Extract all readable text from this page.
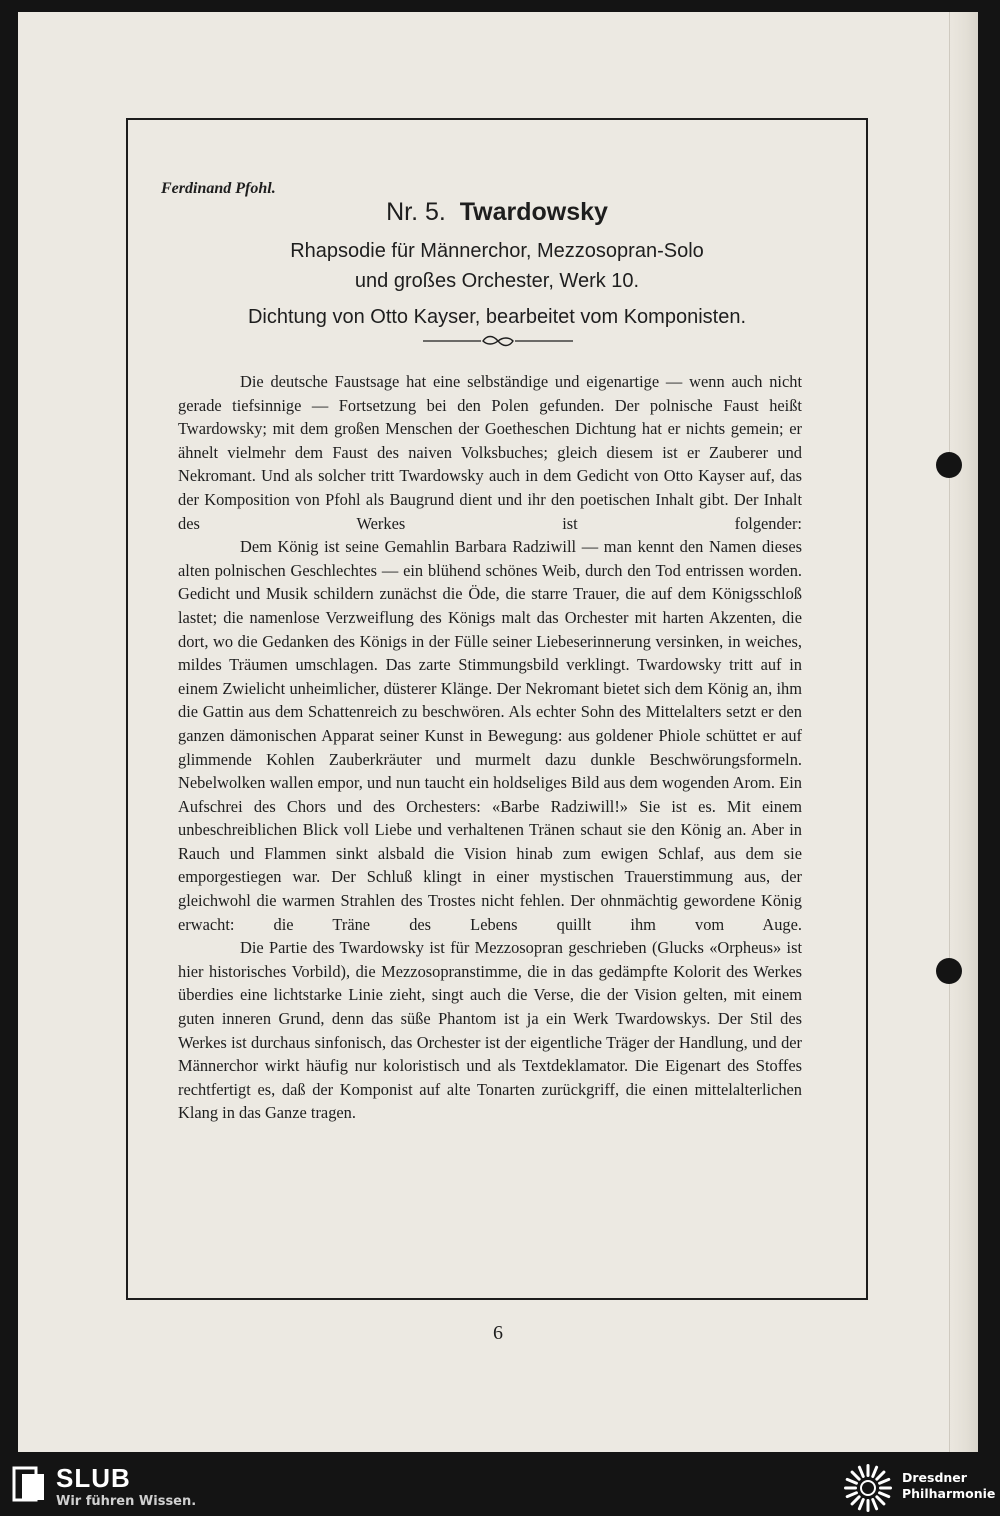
Ferdinand Pfohl.

Nr. 5. Twardowsky

Rhapsodie für Männerchor, Mezzosopran-Solo

und großes Orchester, Werk 10.

Dichtung von Otto Kayser, bearbeitet vom Komponisten.

Die deutsche Faustsage hat eine selbständige und eigenartige — wenn auch nicht gerade tiefsinnige — Fortsetzung bei den Polen gefunden. Der polnische Faust heißt Twardowsky; mit dem großen Menschen der Goetheschen Dichtung hat er nichts gemein; er ähnelt vielmehr dem Faust des naiven Volksbuches; gleich diesem ist er Zauberer und Nekromant. Und als solcher tritt Twardowsky auch in dem Gedicht von Otto Kayser auf, das der Komposition von Pfohl als Baugrund dient und ihr den poetischen Inhalt gibt. Der Inhalt des Werkes ist folgender:

Dem König ist seine Gemahlin Barbara Radziwill — man kennt den Namen dieses alten polnischen Geschlechtes — ein blühend schönes Weib, durch den Tod entrissen worden. Gedicht und Musik schildern zunächst die Öde, die starre Trauer, die auf dem Königsschloß lastet; die namenlose Verzweiflung des Königs malt das Orchester mit harten Akzenten, die dort, wo die Gedanken des Königs in der Fülle seiner Liebeserinnerung versinken, in weiches, mildes Träumen umschlagen. Das zarte Stimmungsbild verklingt. Twardowsky tritt auf in einem Zwielicht unheimlicher, düsterer Klänge. Der Nekromant bietet sich dem König an, ihm die Gattin aus dem Schattenreich zu beschwören. Als echter Sohn des Mittelalters setzt er den ganzen dämonischen Apparat seiner Kunst in Bewegung: aus goldener Phiole schüttet er auf glimmende Kohlen Zauberkräuter und murmelt dazu dunkle Beschwörungsformeln. Nebelwolken wallen empor, und nun taucht ein holdseliges Bild aus dem wogenden Arom. Ein Aufschrei des Chors und des Orchesters: «Barbe Radziwill!» Sie ist es. Mit einem unbeschreiblichen Blick voll Liebe und verhaltenen Tränen schaut sie den König an. Aber in Rauch und Flammen sinkt alsbald die Vision hinab zum ewigen Schlaf, aus dem sie emporgestiegen war. Der Schluß klingt in einer mystischen Trauerstimmung aus, der gleichwohl die warmen Strahlen des Trostes nicht fehlen. Der ohnmächtig gewordene König erwacht: die Träne des Lebens quillt ihm vom Auge.

Die Partie des Twardowsky ist für Mezzosopran geschrieben (Glucks «Orpheus» ist hier historisches Vorbild), die Mezzosopranstimme, die in das gedämpfte Kolorit des Werkes überdies eine lichtstarke Linie zieht, singt auch die Verse, die der Vision gelten, mit einem guten inneren Grund, denn das süße Phantom ist ja ein Werk Twardowskys. Der Stil des Werkes ist durchaus sinfonisch, das Orchester ist der eigentliche Träger der Handlung, und der Männerchor wirkt häufig nur koloristisch und als Textdeklamator. Die Eigenart des Stoffes rechtfertigt es, daß der Komponist auf alte Tonarten zurückgriff, die einen mittelalterlichen Klang in das Ganze tragen.

6

SLUB

Wir führen Wissen.

Dresdner

Philharmonie
